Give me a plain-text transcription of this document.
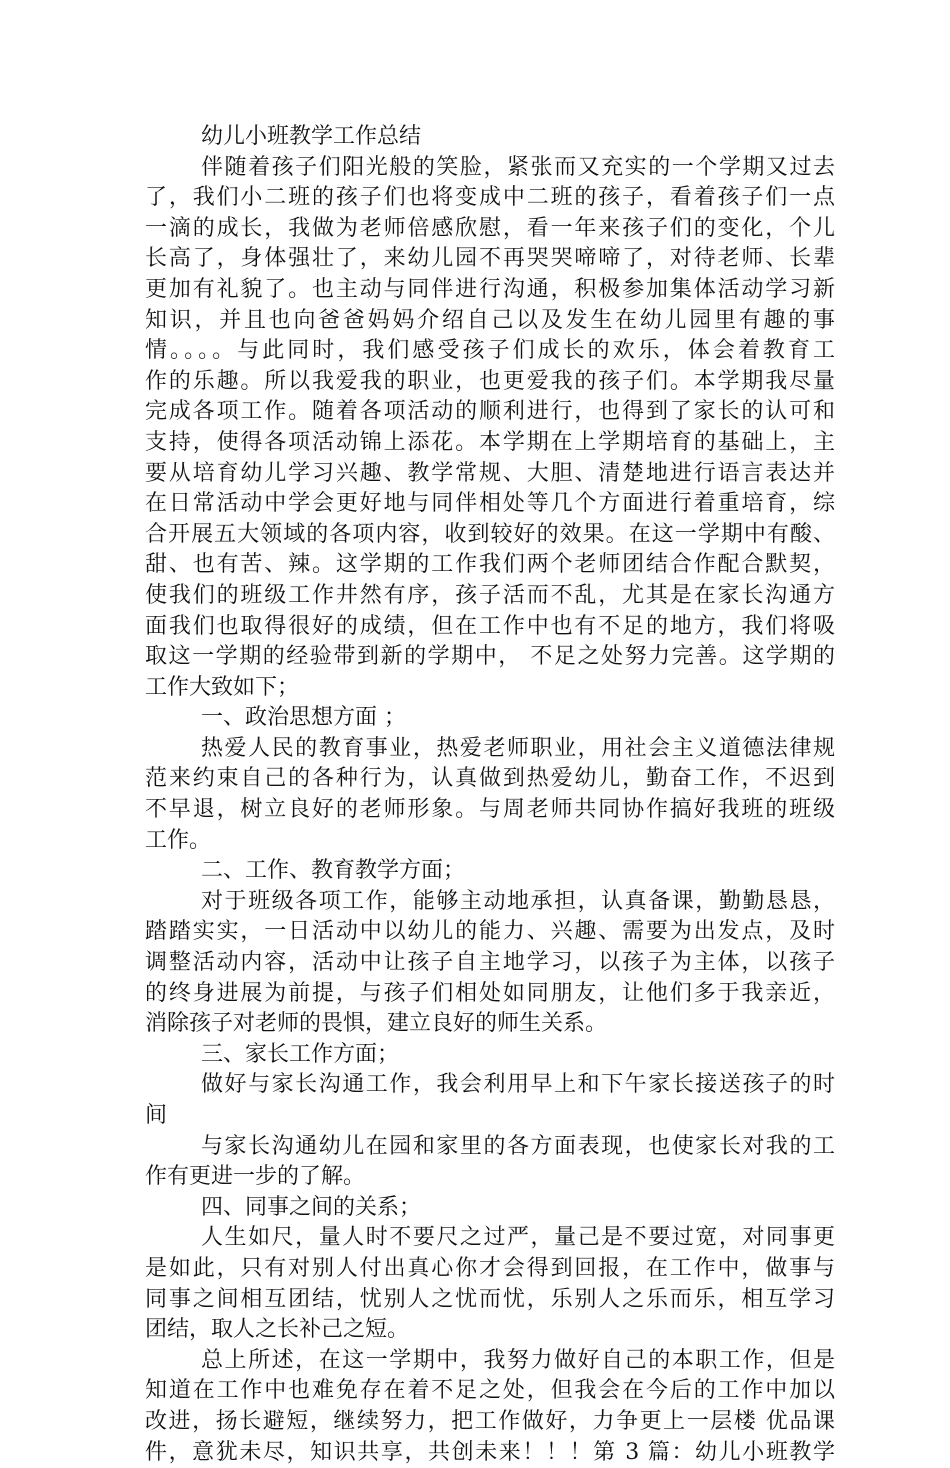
幼儿小班教学工作总结
伴随着孩子们阳光般的笑脸，紧张而又充实的一个学期又过去
了，我们小二班的孩子们也将变成中二班的孩子，看着孩子们一点
一滴的成长，我做为老师倍感欣慰，看一年来孩子们的变化，个儿
长高了，身体强壮了，来幼儿园不再哭哭啼啼了，对待老师、长辈
更加有礼貌了。也主动与同伴进行沟通，积极参加集体活动学习新
知识，并且也向爸爸妈妈介绍自己以及发生在幼儿园里有趣的事
情。。。。与此同时，我们感受孩子们成长的欢乐，体会着教育工
作的乐趣。所以我爱我的职业，也更爱我的孩子们。本学期我尽量
完成各项工作。随着各项活动的顺利进行，也得到了家长的认可和
支持，使得各项活动锦上添花。本学期在上学期培育的基础上，主
要从培育幼儿学习兴趣、教学常规、大胆、清楚地进行语言表达并
在日常活动中学会更好地与同伴相处等几个方面进行着重培育，综
合开展五大领域的各项内容，收到较好的效果。在这一学期中有酸、
甜、也有苦、辣。这学期的工作我们两个老师团结合作配合默契，
使我们的班级工作井然有序，孩子活而不乱，尤其是在家长沟通方
面我们也取得很好的成绩，但在工作中也有不足的地方，我们将吸
取这一学期的经验带到新的学期中， 不足之处努力完善。这学期的
工作大致如下；
一、政治思想方面 ；
热爱人民的教育事业，热爱老师职业，用社会主义道德法律规
范来约束自己的各种行为，认真做到热爱幼儿，勤奋工作，不迟到
不早退，树立良好的老师形象。与周老师共同协作搞好我班的班级
工作。
二、工作、教育教学方面；
对于班级各项工作，能够主动地承担，认真备课，勤勤恳恳，
踏踏实实，一日活动中以幼儿的能力、兴趣、需要为出发点，及时
调整活动内容，活动中让孩子自主地学习，以孩子为主体，以孩子
的终身进展为前提，与孩子们相处如同朋友，让他们多于我亲近，
消除孩子对老师的畏惧，建立良好的师生关系。
三、家长工作方面；
做好与家长沟通工作，我会利用早上和下午家长接送孩子的时
间
与家长沟通幼儿在园和家里的各方面表现，也使家长对我的工
作有更进一步的了解。
四、同事之间的关系；
人生如尺，量人时不要尺之过严，量己是不要过宽，对同事更
是如此，只有对别人付出真心你才会得到回报，在工作中，做事与
同事之间相互团结，忧别人之忧而忧，乐别人之乐而乐，相互学习
团结，取人之长补己之短。
总上所述，在这一学期中，我努力做好自己的本职工作，但是
知道在工作中也难免存在着不足之处，但我会在今后的工作中加以
改进，扬长避短，继续努力，把工作做好，力争更上一层楼 优品课
件，意犹未尽，知识共享，共创未来！！！第 3 篇：幼儿小班教学
